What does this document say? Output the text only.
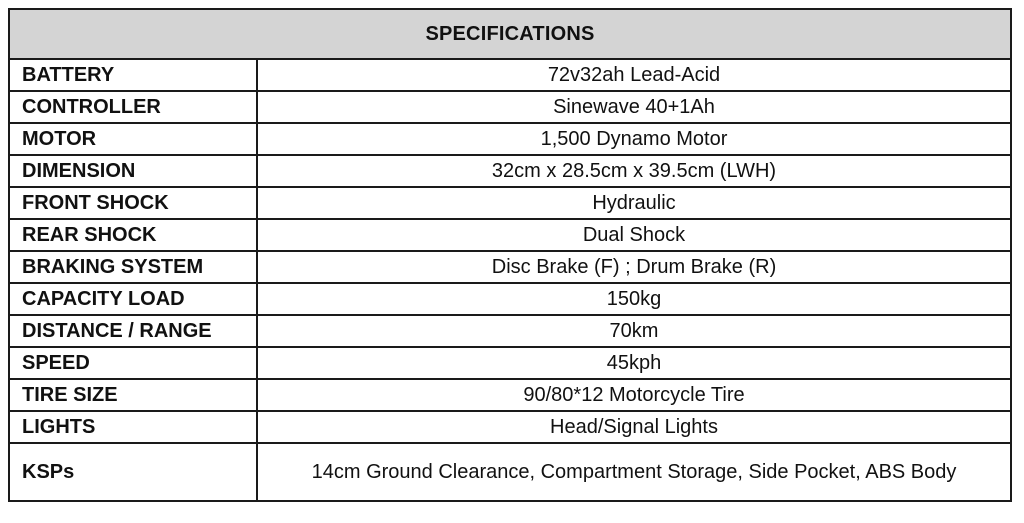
SPECIFICATIONS	
BATTERY	72v32ah Lead-Acid
CONTROLLER	Sinewave 40+1Ah
MOTOR	1,500 Dynamo Motor
DIMENSION	32cm x 28.5cm x 39.5cm (LWH)
FRONT SHOCK	Hydraulic
REAR SHOCK	Dual Shock
BRAKING SYSTEM	Disc Brake (F) ; Drum Brake (R)
CAPACITY LOAD	150kg
DISTANCE / RANGE	70km
SPEED	45kph
TIRE SIZE	90/80*12 Motorcycle Tire
LIGHTS	Head/Signal Lights
KSPs	14cm Ground Clearance, Compartment Storage, Side Pocket, ABS Body
